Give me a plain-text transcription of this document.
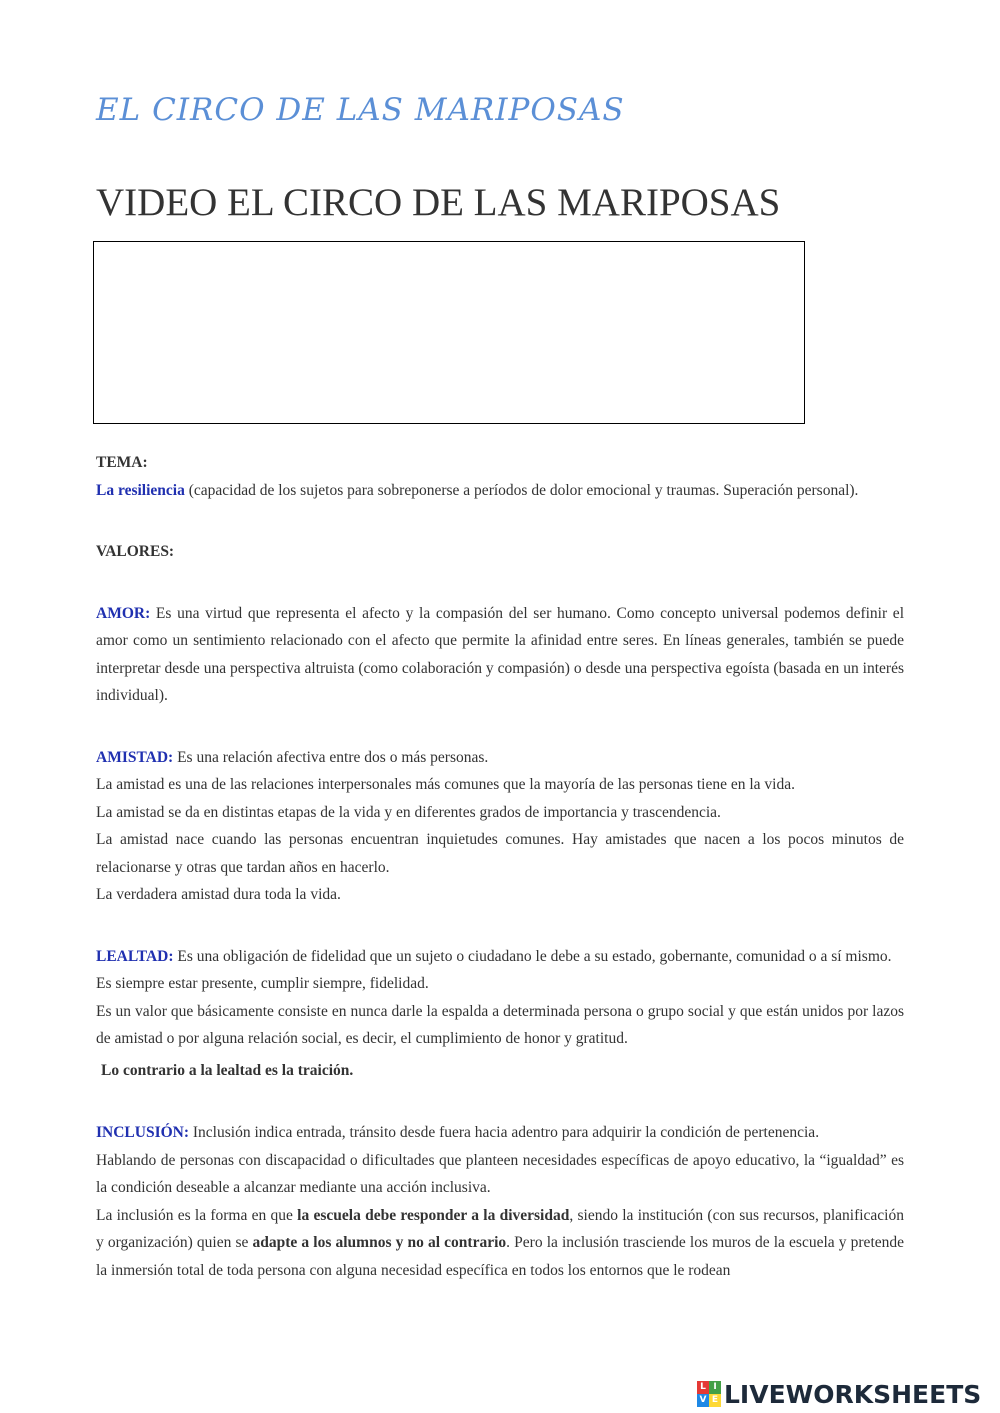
EL CIRCO DE LAS MARIPOSAS
VIDEO EL CIRCO DE LAS MARIPOSAS

TEMA:

La resiliencia (capacidad de los sujetos para sobreponerse a períodos de dolor emocional y traumas. Superación personal).

VALORES:

AMOR: Es una virtud que representa el afecto y la compasión del ser humano. Como concepto universal podemos definir el amor como un sentimiento relacionado con el afecto que permite la afinidad entre seres. En líneas generales, también se puede interpretar desde una perspectiva altruista (como colaboración y compasión) o desde una perspectiva egoísta (basada en un interés individual).

AMISTAD: Es una relación afectiva entre dos o más personas.

La amistad es una de las relaciones interpersonales más comunes que la mayoría de las personas tiene en la vida.

La amistad se da en distintas etapas de la vida y en diferentes grados de importancia y trascendencia.

La amistad nace cuando las personas encuentran inquietudes comunes. Hay amistades que nacen a los pocos minutos de relacionarse y otras que tardan años en hacerlo.

La verdadera amistad dura toda la vida.

LEALTAD: Es una obligación de fidelidad que un sujeto o ciudadano le debe a su estado, gobernante, comunidad o a sí mismo.

Es siempre estar presente, cumplir siempre, fidelidad.

Es un valor que básicamente consiste en nunca darle la espalda a determinada persona o grupo social y que están unidos por lazos de amistad o por alguna relación social, es decir, el cumplimiento de honor y gratitud.

Lo contrario a la lealtad es la traición.

INCLUSIÓN: Inclusión indica entrada, tránsito desde fuera hacia adentro para adquirir la condición de pertenencia.

Hablando de personas con discapacidad o dificultades que planteen necesidades específicas de apoyo educativo, la “igualdad” es la condición deseable a alcanzar mediante una acción inclusiva.

La inclusión es la forma en que la escuela debe responder a la diversidad, siendo la institución (con sus recursos, planificación y organización) quien se adapte a los alumnos y no al contrario. Pero la inclusión trasciende los muros de la escuela y pretende la inmersión total de toda persona con alguna necesidad específica en todos los entornos que le rodean

L I
V E LIVEWORKSHEETS
